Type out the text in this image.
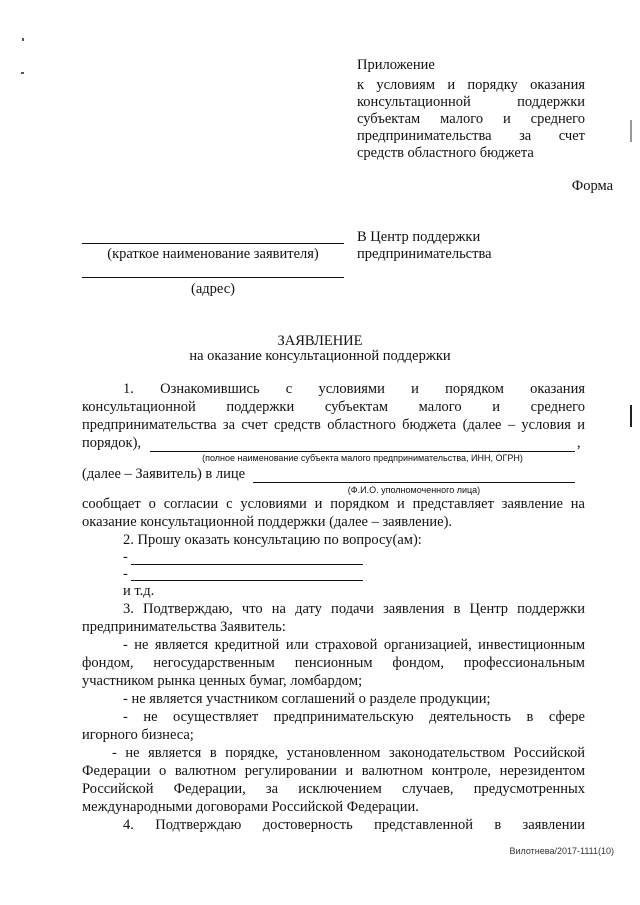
Приложение
к условиям и порядку оказания
консультационной поддержки
субъектам малого и среднего
предпринимательства за счет
средств областного бюджета
Форма
(краткое наименование заявителя)
(адрес)
В Центр поддержки
предпринимательства
ЗАЯВЛЕНИЕ
на оказание консультационной поддержки
1. Ознакомившись с условиями и порядком оказания
консультационной поддержки субъектам малого и среднего
предпринимательства за счет средств областного бюджета (далее – условия и
порядок),	,
(полное наименование субъекта малого предпринимательства, ИНН, ОГРН)
(далее – Заявитель) в лице
(Ф.И.О. уполномоченного лица)
сообщает о согласии с условиями и порядком и представляет заявление на
оказание консультационной поддержки (далее – заявление).
2. Прошу оказать консультацию по вопросу(ам):
-
-
и т.д.
3. Подтверждаю, что на дату подачи заявления в Центр поддержки
предпринимательства Заявитель:
- не является кредитной или страховой организацией, инвестиционным
фондом, негосударственным пенсионным фондом, профессиональным
участником рынка ценных бумаг, ломбардом;
- не является участником соглашений о разделе продукции;
- не осуществляет предпринимательскую деятельность в сфере
игорного бизнеса;
- не является в порядке, установленном законодательством Российской
Федерации о валютном регулировании и валютном контроле, нерезидентом
Российской Федерации, за исключением случаев, предусмотренных
международными договорами Российской Федерации.
4. Подтверждаю достоверность представленной в заявлении
Вилотнева/2017-1111(10)
